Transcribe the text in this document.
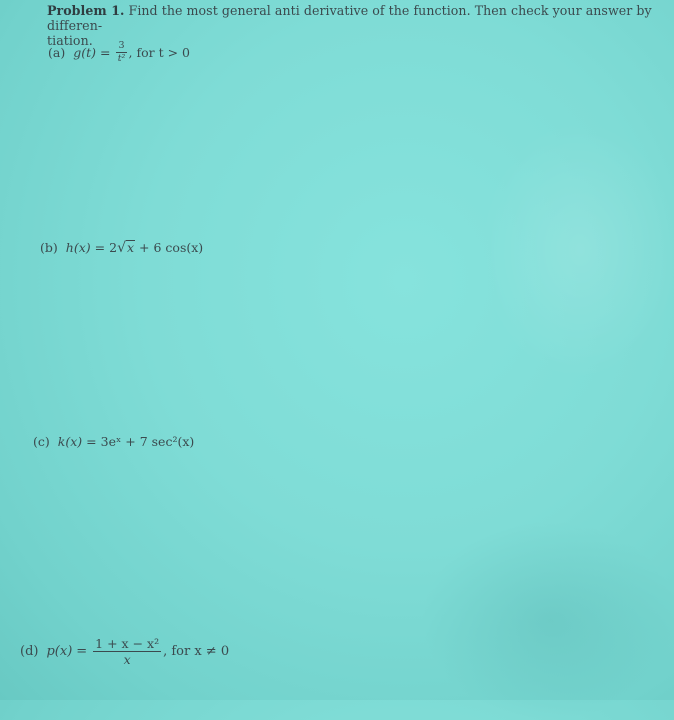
Problem 1. Find the most general anti derivative of the function. Then check your answer by differen-
tiation.
(a) $g(t) = \frac{3}{\text{t²}}$ , for t > 0
(b) h(x) = 2 √ x + 6 cos(x)
(c) k(x) = 3eˣ + 7 sec²(x)
(d) $p(x) = \frac{\text{1 + x − x²}}{x}$ , for x ≠ 0
